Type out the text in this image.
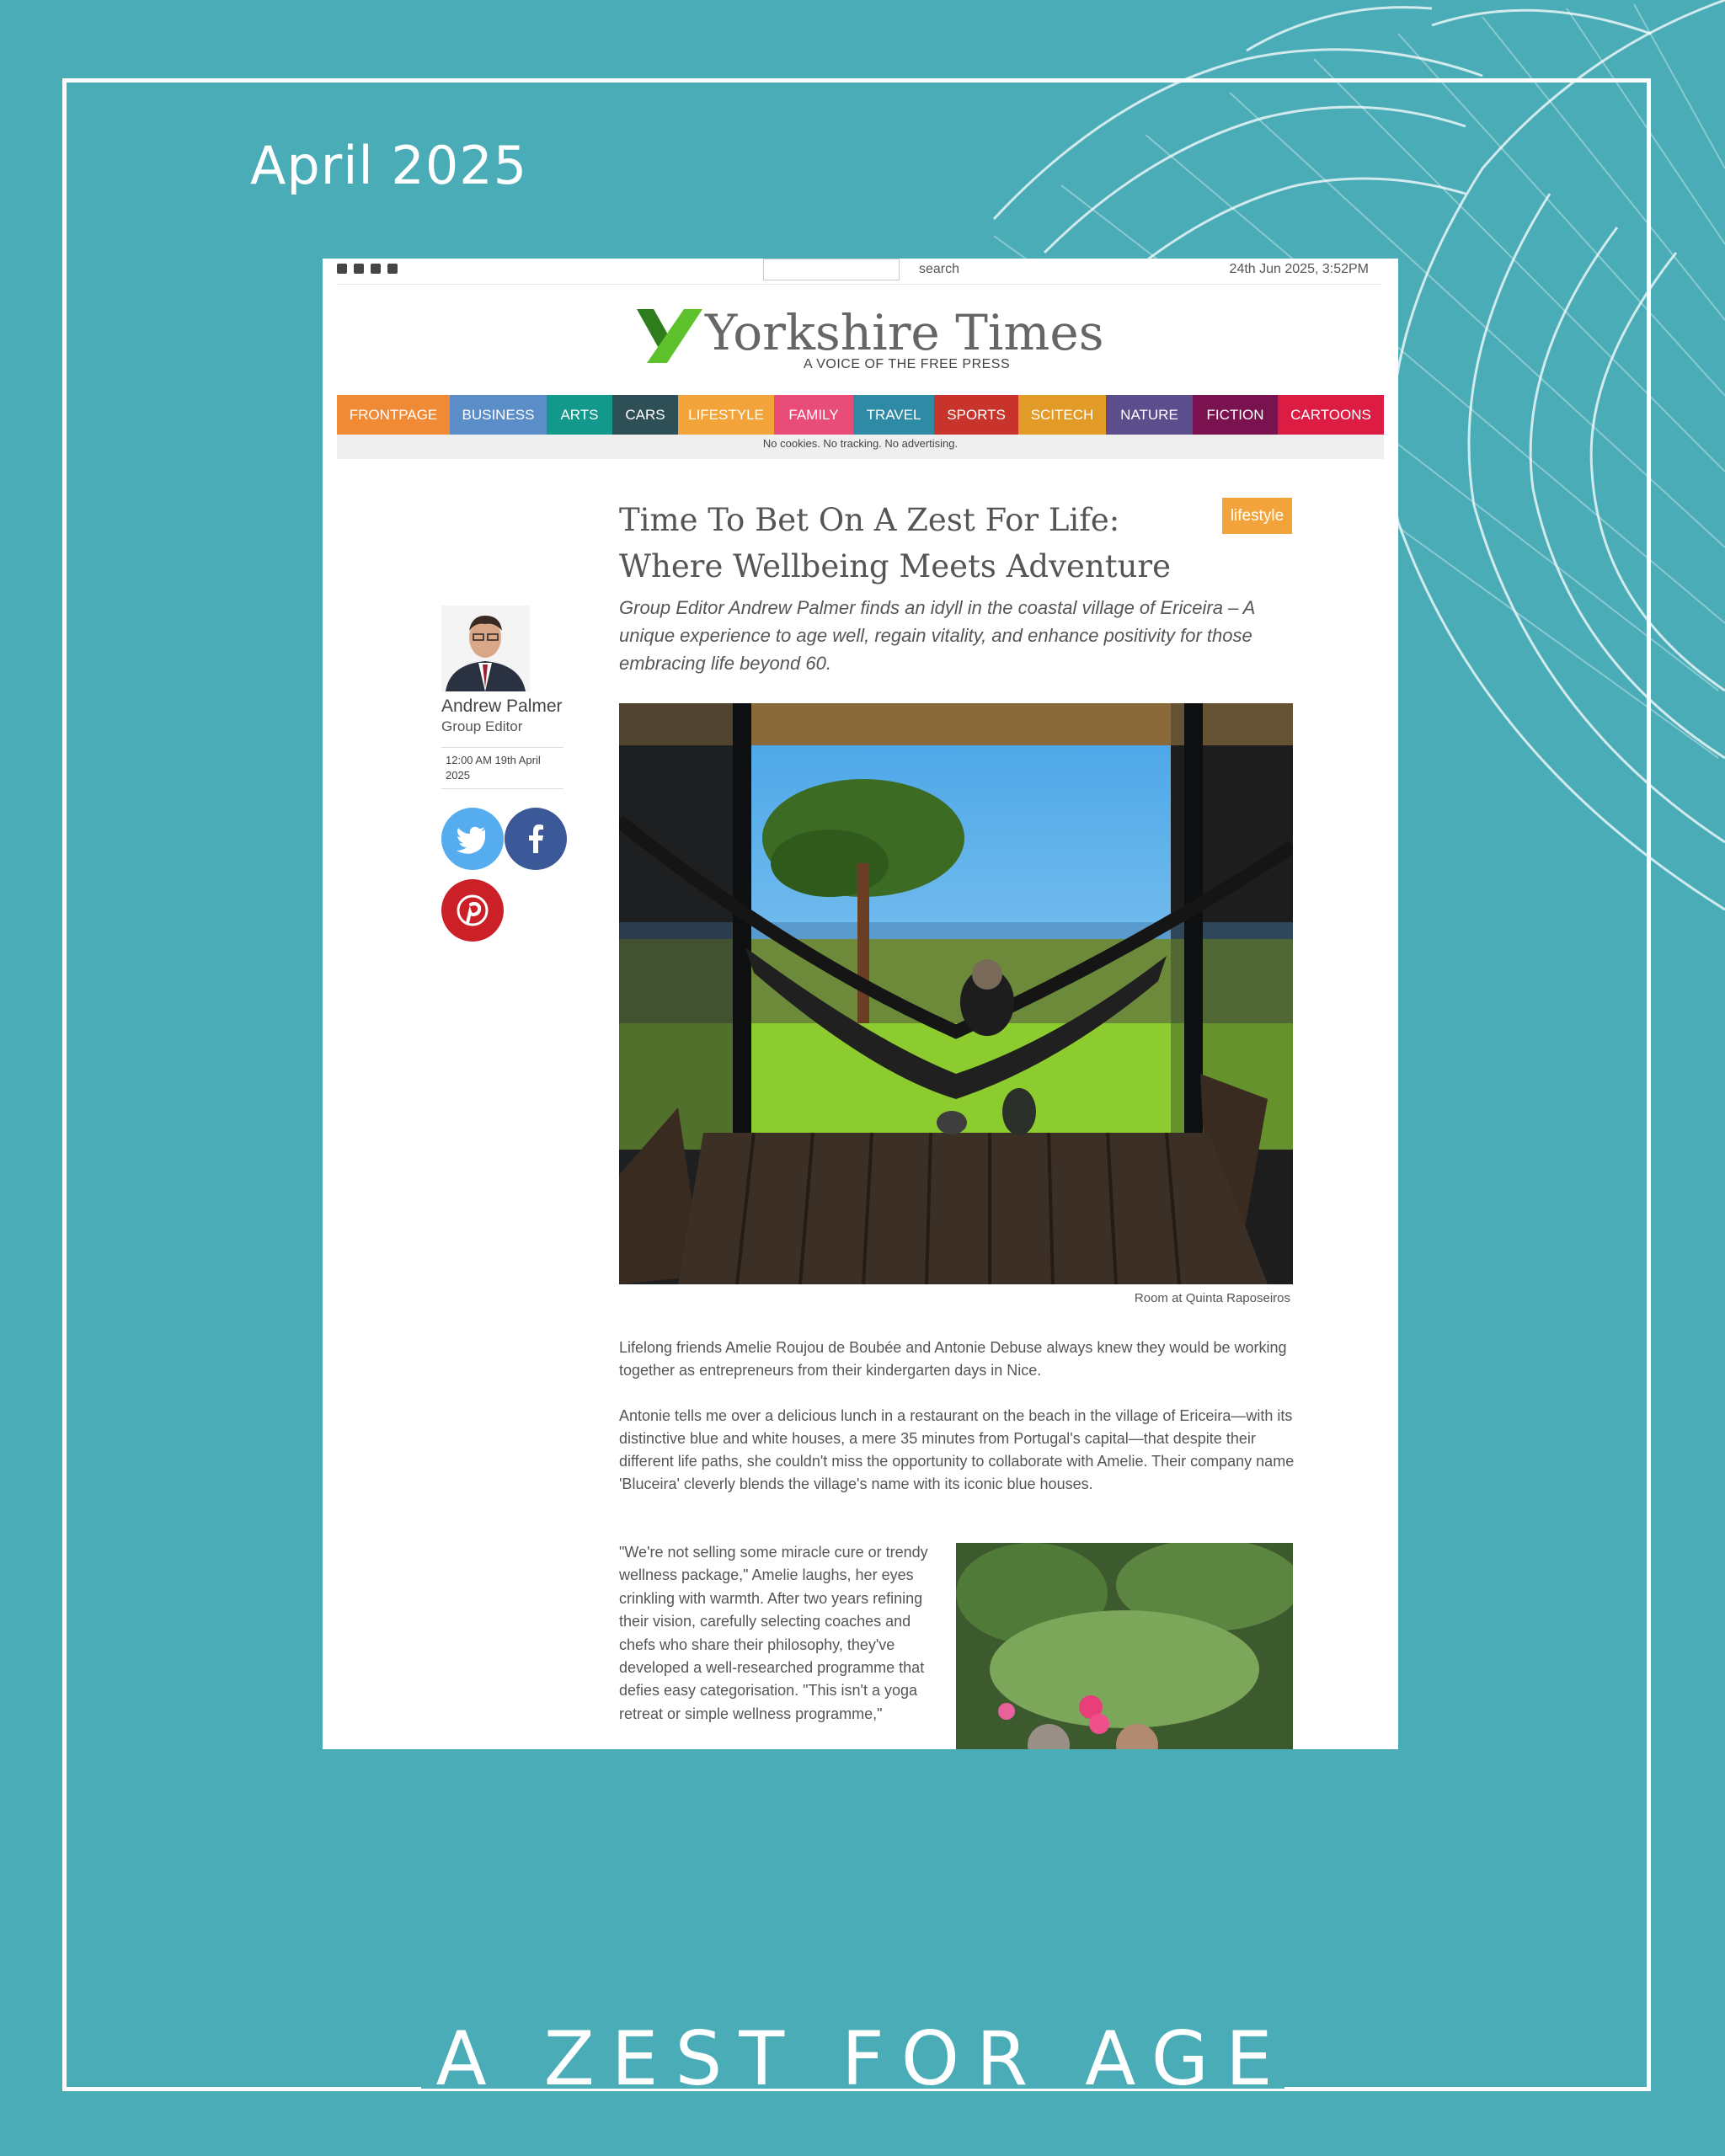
April 2025
A ZEST FOR AGE
search	24th Jun 2025, 3:52PM
Yorkshire Times
A VOICE OF THE FREE PRESS
FRONTPAGE	BUSINESS	ARTS	CARS	LIFESTYLE	FAMILY	TRAVEL	SPORTS	SCITECH	NATURE	FICTION	CARTOONS
No cookies. No tracking. No advertising.
Andrew Palmer
Group Editor
12:00 AM 19th April 2025
Time To Bet On A Zest For Life:
Where Wellbeing Meets Adventure
lifestyle
Group Editor Andrew Palmer finds an idyll in the coastal village of Ericeira – A unique experience to age well, regain vitality, and enhance positivity for those embracing life beyond 60.
Room at Quinta Raposeiros
Lifelong friends Amelie Roujou de Boubée and Antonie Debuse always knew they would be working together as entrepreneurs from their kindergarten days in Nice.
Antonie tells me over a delicious lunch in a restaurant on the beach in the village of Ericeira—with its distinctive blue and white houses, a mere 35 minutes from Portugal's capital—that despite their different life paths, she couldn't miss the opportunity to collaborate with Amelie. Their company name 'Bluceira' cleverly blends the village's name with its iconic blue houses.
"We're not selling some miracle cure or trendy wellness package," Amelie laughs, her eyes crinkling with warmth. After two years refining their vision, carefully selecting coaches and chefs who share their philosophy, they've developed a well-researched programme that defies easy categorisation. "This isn't a yoga retreat or simple wellness programme,"
